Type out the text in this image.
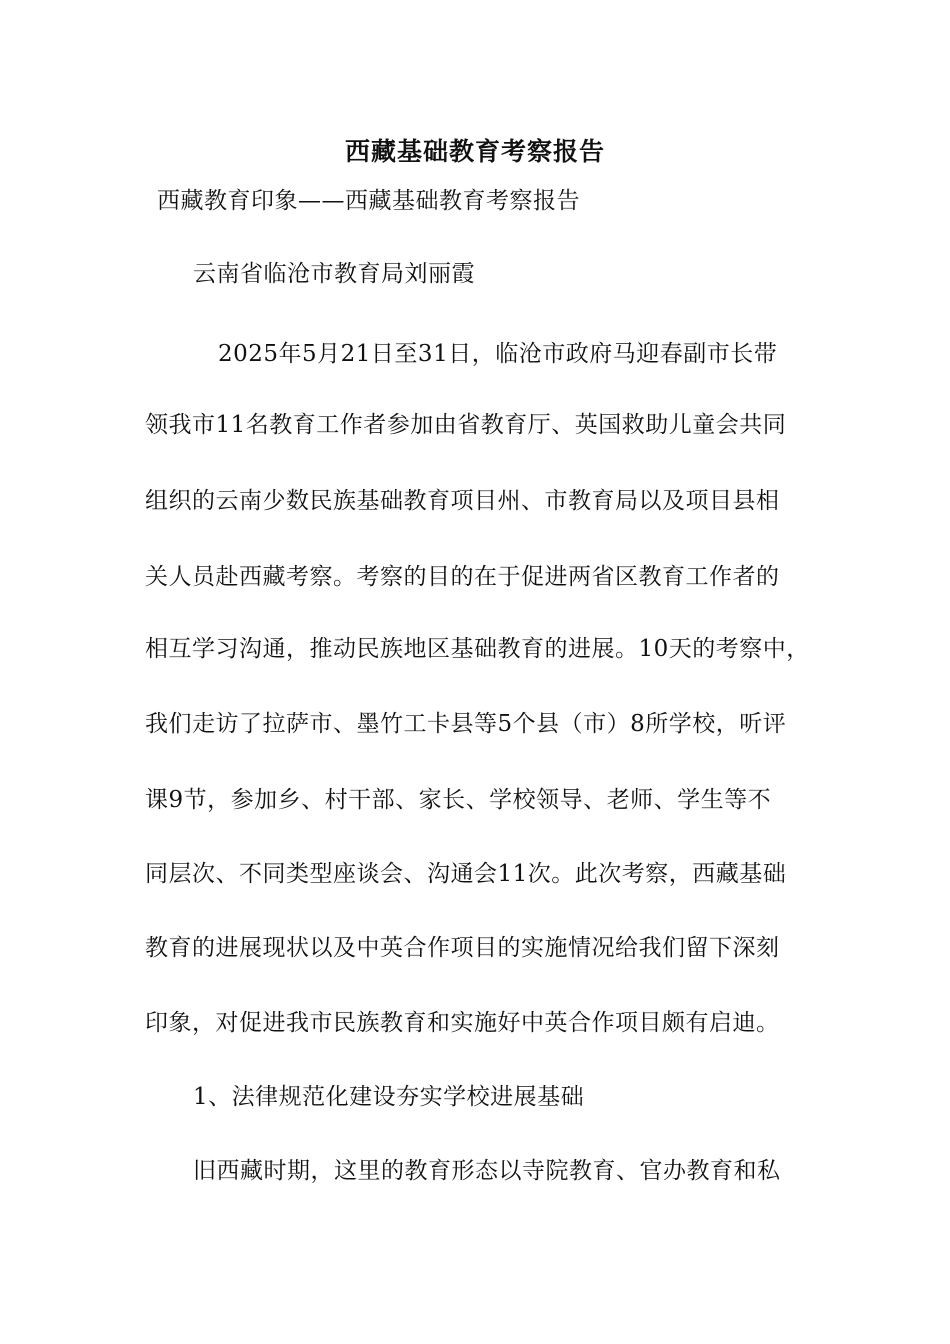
西藏基础教育考察报告
西藏教育印象——西藏基础教育考察报告
云南省临沧市教育局刘丽霞
2025年5月21日至31日，临沧市政府马迎春副市长带
领我市11名教育工作者参加由省教育厅、英国救助儿童会共同
组织的云南少数民族基础教育项目州、市教育局以及项目县相
关人员赴西藏考察。考察的目的在于促进两省区教育工作者的
相互学习沟通，推动民族地区基础教育的进展。10天的考察中，
我们走访了拉萨市、墨竹工卡县等5个县（市）8所学校，听评
课9节，参加乡、村干部、家长、学校领导、老师、学生等不
同层次、不同类型座谈会、沟通会11次。此次考察，西藏基础
教育的进展现状以及中英合作项目的实施情况给我们留下深刻
印象，对促进我市民族教育和实施好中英合作项目颇有启迪。
1、法律规范化建设夯实学校进展基础
旧西藏时期，这里的教育形态以寺院教育、官办教育和私
